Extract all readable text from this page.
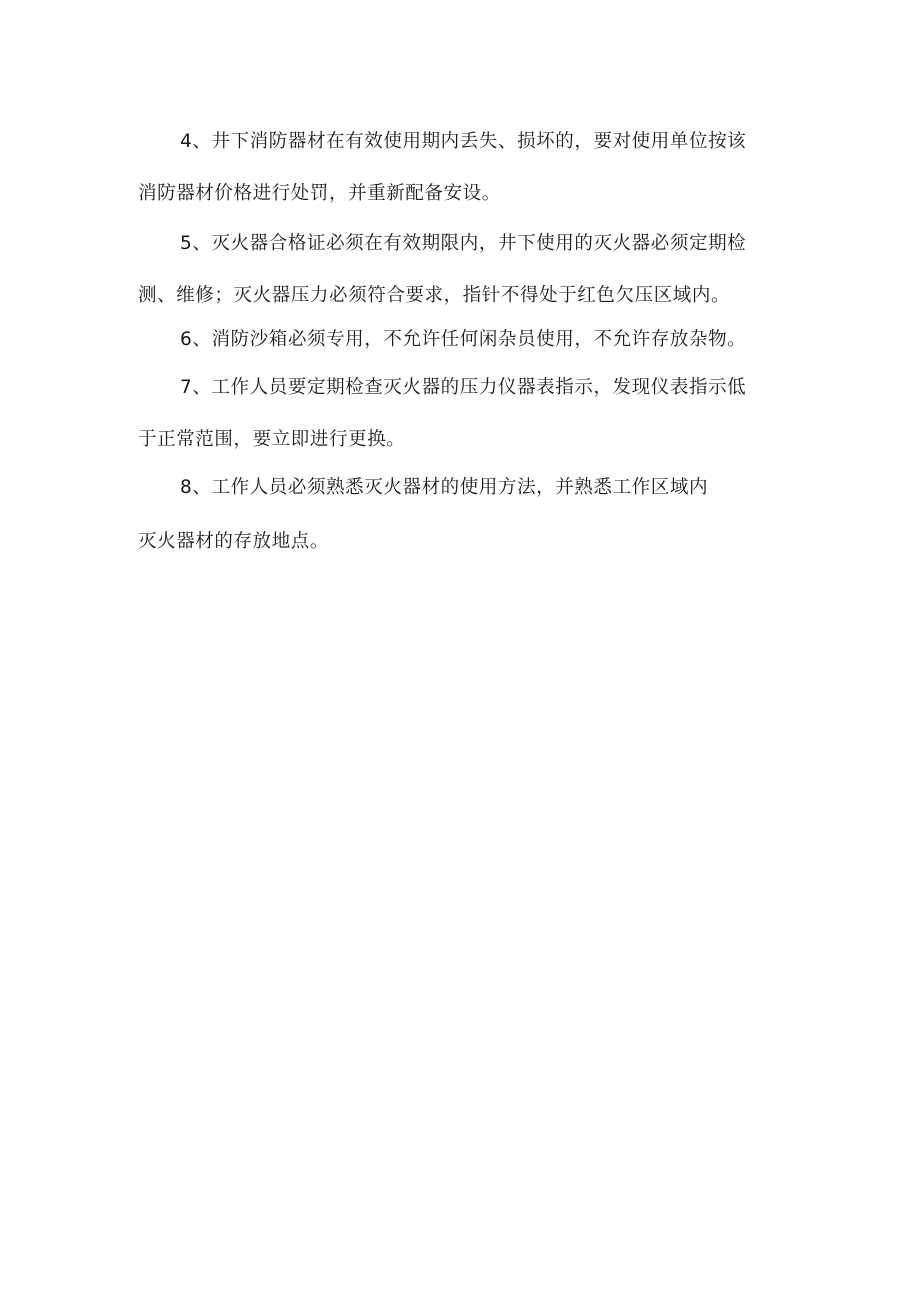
4、井下消防器材在有效使用期内丢失、损坏的，要对使用单位按该
消防器材价格进行处罚，并重新配备安设。

5、灭火器合格证必须在有效期限内，井下使用的灭火器必须定期检
测、维修；灭火器压力必须符合要求，指针不得处于红色欠压区域内。

6、消防沙箱必须专用，不允许任何闲杂员使用，不允许存放杂物。

7、工作人员要定期检查灭火器的压力仪器表指示，发现仪表指示低
于正常范围，要立即进行更换。

8、工作人员必须熟悉灭火器材的使用方法，并熟悉工作区域内

灭火器材的存放地点。
